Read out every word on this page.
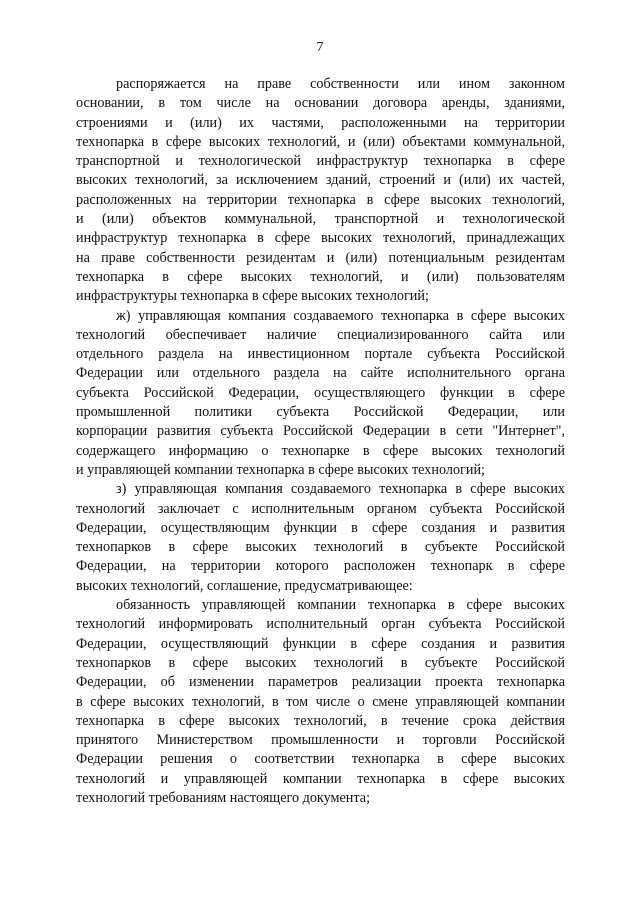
7
распоряжается на праве собственности или ином законном
основании, в том числе на основании договора аренды, зданиями,
строениями и (или) их частями, расположенными на территории
технопарка в сфере высоких технологий, и (или) объектами коммунальной,
транспортной и технологической инфраструктур технопарка в сфере
высоких технологий, за исключением зданий, строений и (или) их частей,
расположенных на территории технопарка в сфере высоких технологий,
и (или) объектов коммунальной, транспортной и технологической
инфраструктур технопарка в сфере высоких технологий, принадлежащих
на праве собственности резидентам и (или) потенциальным резидентам
технопарка в сфере высоких технологий, и (или) пользователям
инфраструктуры технопарка в сфере высоких технологий;
ж) управляющая компания создаваемого технопарка в сфере высоких
технологий обеспечивает наличие специализированного сайта или
отдельного раздела на инвестиционном портале субъекта Российской
Федерации или отдельного раздела на сайте исполнительного органа
субъекта Российской Федерации, осуществляющего функции в сфере
промышленной политики субъекта Российской Федерации, или
корпорации развития субъекта Российской Федерации в сети "Интернет",
содержащего информацию о технопарке в сфере высоких технологий
и управляющей компании технопарка в сфере высоких технологий;
з) управляющая компания создаваемого технопарка в сфере высоких
технологий заключает с исполнительным органом субъекта Российской
Федерации, осуществляющим функции в сфере создания и развития
технопарков в сфере высоких технологий в субъекте Российской
Федерации, на территории которого расположен технопарк в сфере
высоких технологий, соглашение, предусматривающее:
обязанность управляющей компании технопарка в сфере высоких
технологий информировать исполнительный орган субъекта Российской
Федерации, осуществляющий функции в сфере создания и развития
технопарков в сфере высоких технологий в субъекте Российской
Федерации, об изменении параметров реализации проекта технопарка
в сфере высоких технологий, в том числе о смене управляющей компании
технопарка в сфере высоких технологий, в течение срока действия
принятого Министерством промышленности и торговли Российской
Федерации решения о соответствии технопарка в сфере высоких
технологий и управляющей компании технопарка в сфере высоких
технологий требованиям настоящего документа;
